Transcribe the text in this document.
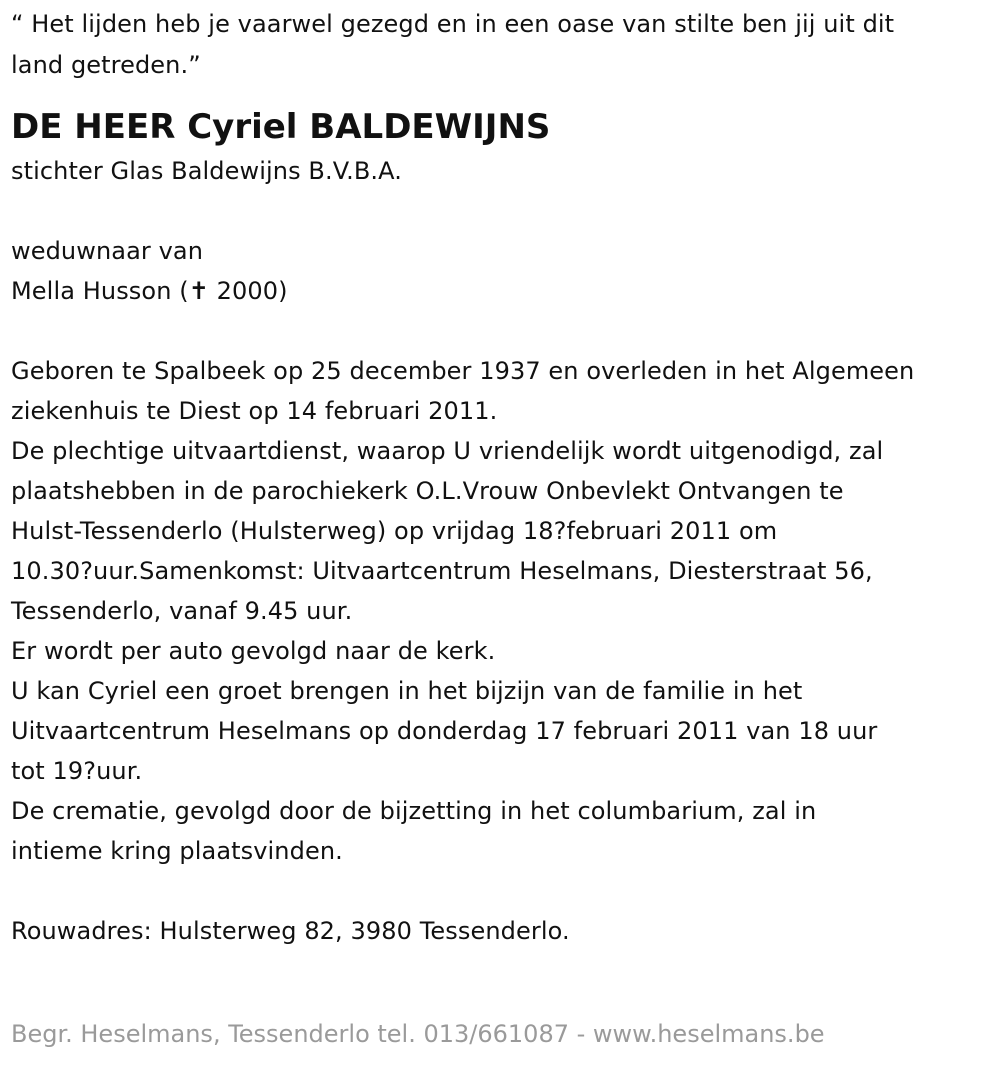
“ Het lijden heb je vaarwel gezegd en in een oase van stilte ben jij uit dit
land getreden.”
DE HEER Cyriel BALDEWIJNS
stichter Glas Baldewijns B.V.B.A.
weduwnaar van
Mella Husson (✝ 2000)
Geboren te Spalbeek op 25 december 1937 en overleden in het Algemeen
ziekenhuis te Diest op 14 februari 2011.
De plechtige uitvaartdienst, waarop U vriendelijk wordt uitgenodigd, zal
plaatshebben in de parochiekerk O.L.Vrouw Onbevlekt Ontvangen te
Hulst-Tessenderlo (Hulsterweg) op vrijdag 18?februari 2011 om
10.30?uur.Samenkomst: Uitvaartcentrum Heselmans, Diesterstraat 56,
Tessenderlo, vanaf 9.45 uur.
Er wordt per auto gevolgd naar de kerk.
U kan Cyriel een groet brengen in het bijzijn van de familie in het
Uitvaartcentrum Heselmans op donderdag 17 februari 2011 van 18 uur
tot 19?uur.
De crematie, gevolgd door de bijzetting in het columbarium, zal in
intieme kring plaatsvinden.
Rouwadres: Hulsterweg 82, 3980 Tessenderlo.
Begr. Heselmans, Tessenderlo tel. 013/661087 - www.heselmans.be
